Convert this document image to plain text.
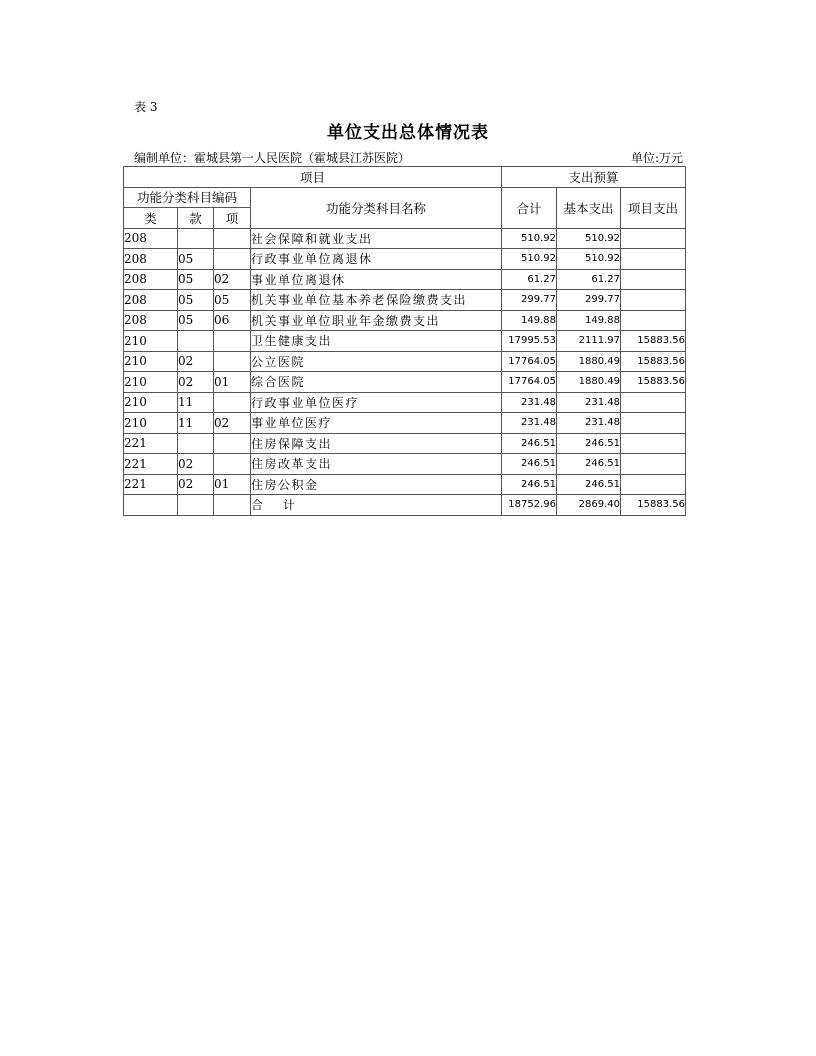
表 3
单位支出总体情况表
编制单位：霍城县第一人民医院（霍城县江苏医院）	单位:万元
项目				支出预算		
功能分类科目编码			功能分类科目名称	合计	基本支出	项目支出
类	款	项				
208			社会保障和就业支出	510.92	510.92	
208	05		行政事业单位离退休	510.92	510.92	
208	05	02	事业单位离退休	61.27	61.27	
208	05	05	机关事业单位基本养老保险缴费支出	299.77	299.77	
208	05	06	机关事业单位职业年金缴费支出	149.88	149.88	
210			卫生健康支出	17995.53	2111.97	15883.56
210	02		公立医院	17764.05	1880.49	15883.56
210	02	01	综合医院	17764.05	1880.49	15883.56
210	11		行政事业单位医疗	231.48	231.48	
210	11	02	事业单位医疗	231.48	231.48	
221			住房保障支出	246.51	246.51	
221	02		住房改革支出	246.51	246.51	
221	02	01	住房公积金	246.51	246.51	
			合计	18752.96	2869.40	15883.56
